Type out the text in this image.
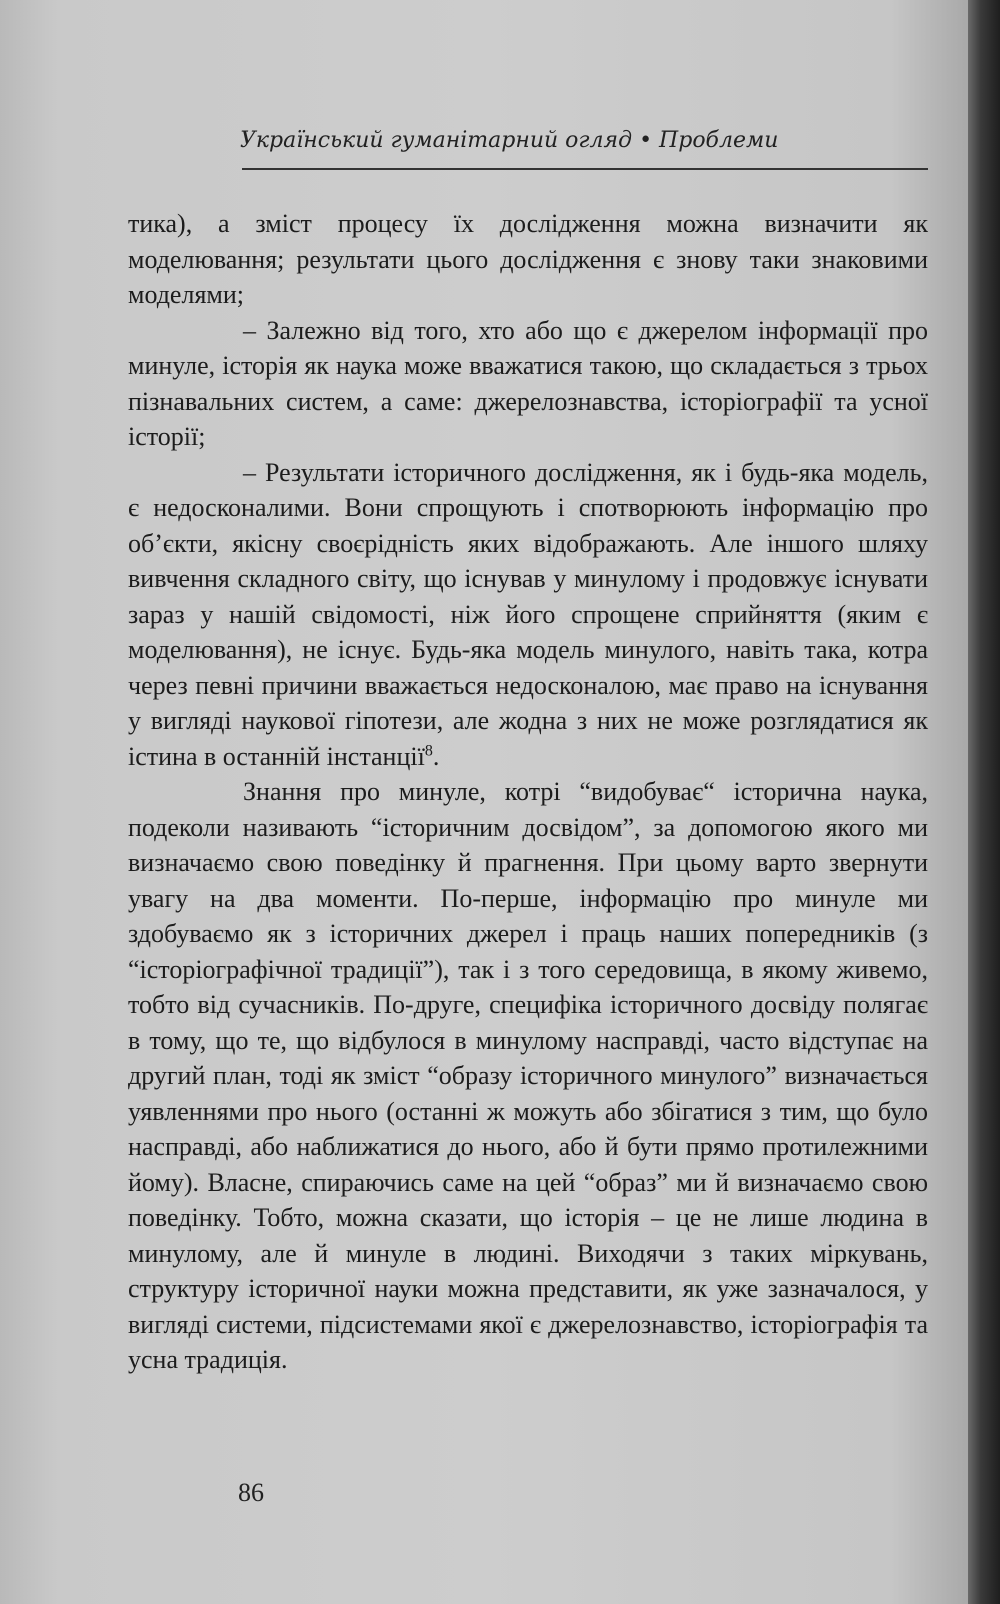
Український гуманітарний огляд • Проблеми

тика), а зміст процесу їх дослідження можна визначити як моделювання; результати цього дослідження є знову таки знаковими моделями;

– Залежно від того, хто або що є джерелом інформації про минуле, історія як наука може вважатися такою, що складається з трьох пізнавальних систем, а саме: джерелознавства, історіографії та усної історії;

– Результати історичного дослідження, як і будь-яка модель, є недосконалими. Вони спрощують і спотворюють інформацію про об’єкти, якісну своєрідність яких відображають. Але іншого шляху вивчення складного світу, що існував у минулому і продовжує існувати зараз у нашій свідомості, ніж його спрощене сприйняття (яким є моделювання), не існує. Будь-яка модель минулого, навіть така, котра через певні причини вважається недосконалою, має право на існування у вигляді наукової гіпотези, але жодна з них не може розглядатися як істина в останній інстанції$^8$.

Знання про минуле, котрі “видобуває“ історична наука, подеколи називають “історичним досвідом”, за допомогою якого ми визначаємо свою поведінку й прагнення. При цьому варто звернути увагу на два моменти. По-перше, інформацію про минуле ми здобуваємо як з історичних джерел і праць наших попередників (з “історіографічної традиції”), так і з того середовища, в якому живемо, тобто від сучасників. По-друге, специфіка історичного досвіду полягає в тому, що те, що відбулося в минулому насправді, часто відступає на другий план, тоді як зміст “образу історичного минулого” визначається уявленнями про нього (останні ж можуть або збігатися з тим, що було насправді, або наближатися до нього, або й бути прямо протилежними йому). Власне, спираючись саме на цей “образ” ми й визначаємо свою поведінку. Тобто, можна сказати, що історія – це не лише людина в минулому, але й минуле в людині. Виходячи з таких міркувань, структуру історичної науки можна представити, як уже зазначалося, у вигляді системи, підсистемами якої є джерелознавство, історіографія та усна традиція.

86
